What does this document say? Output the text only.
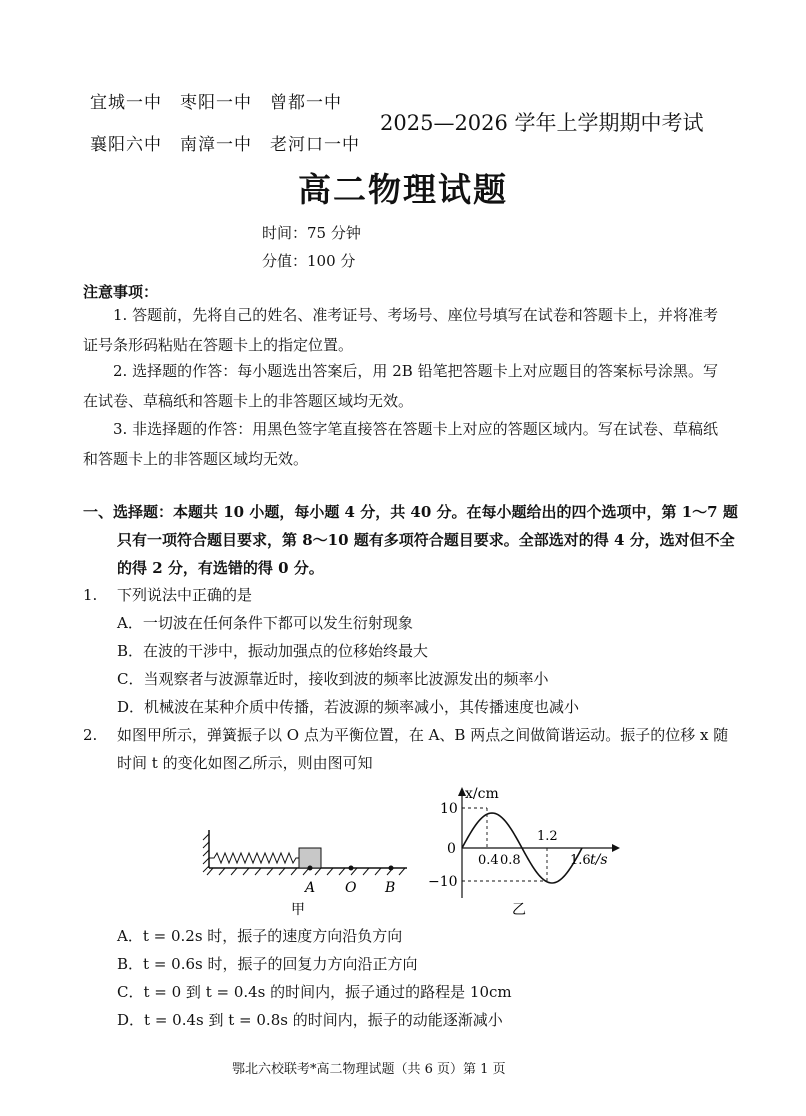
宜城一中　枣阳一中　曾都一中
襄阳六中　南漳一中　老河口一中
2025—2026 学年上学期期中考试
高二物理试题
时间：75 分钟
分值：100 分
注意事项：
1. 答题前，先将自己的姓名、准考证号、考场号、座位号填写在试卷和答题卡上，并将准考证号条形码粘贴在答题卡上的指定位置。
2. 选择题的作答：每小题选出答案后，用 2B 铅笔把答题卡上对应题目的答案标号涂黑。写在试卷、草稿纸和答题卡上的非答题区域均无效。
3. 非选择题的作答：用黑色签字笔直接答在答题卡上对应的答题区域内。写在试卷、草稿纸和答题卡上的非答题区域均无效。
一、选择题：本题共 10 小题，每小题 4 分，共 40 分。在每小题给出的四个选项中，第 1～7 题
只有一项符合题目要求，第 8～10 题有多项符合题目要求。全部选对的得 4 分，选对但不全
的得 2 分，有选错的得 0 分。
1. 下列说法中正确的是
A．一切波在任何条件下都可以发生衍射现象
B．在波的干涉中，振动加强点的位移始终最大
C．当观察者与波源靠近时，接收到波的频率比波源发出的频率小
D．机械波在某种介质中传播，若波源的频率减小，其传播速度也减小
2. 如图甲所示，弹簧振子以 O 点为平衡位置，在 A、B 两点之间做简谐运动。振子的位移 x 随
时间 t 的变化如图乙所示，则由图可知
A O B
甲
x/cm
10
0
−10
0.4 0.8
1.2
1.6 t/s
乙
A．t = 0.2s 时，振子的速度方向沿负方向
B．t = 0.6s 时，振子的回复力方向沿正方向
C．t = 0 到 t = 0.4s 的时间内，振子通过的路程是 10cm
D．t = 0.4s 到 t = 0.8s 的时间内，振子的动能逐渐减小
鄂北六校联考*高二物理试题（共 6 页）第 1 页
